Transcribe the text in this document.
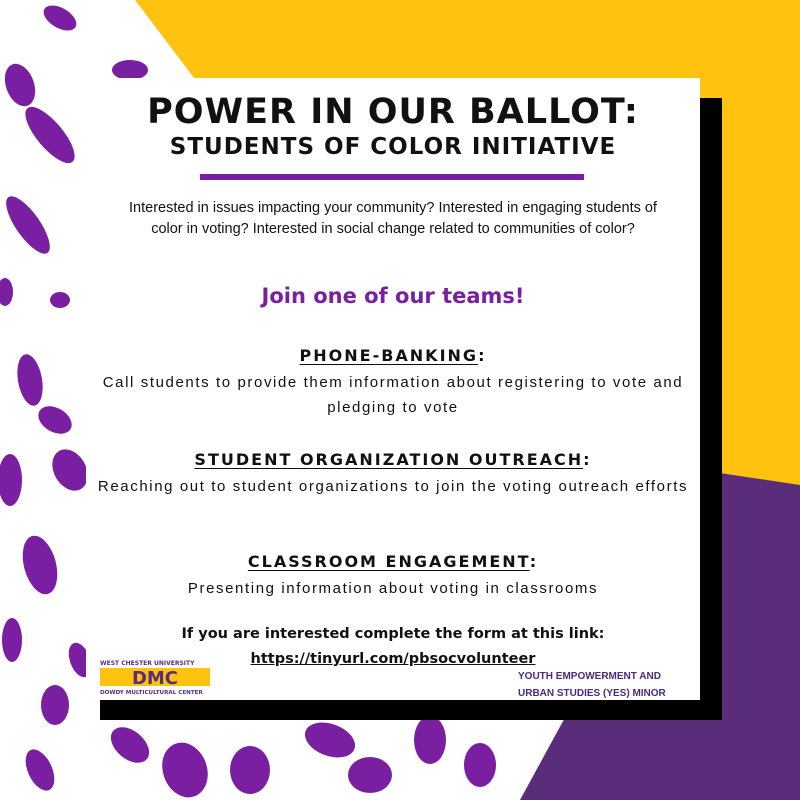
POWER IN OUR BALLOT:
STUDENTS OF COLOR INITIATIVE
Interested in issues impacting your community? Interested in engaging students of color in voting? Interested in social change related to communities of color?
Join one of our teams!
PHONE-BANKING:
Call students to provide them information about registering to vote and pledging to vote
STUDENT ORGANIZATION OUTREACH:
Reaching out to student organizations to join the voting outreach efforts
CLASSROOM ENGAGEMENT:
Presenting information about voting in classrooms
If you are interested complete the form at this link:
https://tinyurl.com/pbsocvolunteer
WEST CHESTER UNIVERSITY
DMC
DOWDY MULTICULTURAL CENTER
YOUTH EMPOWERMENT AND
URBAN STUDIES (YES) MINOR
